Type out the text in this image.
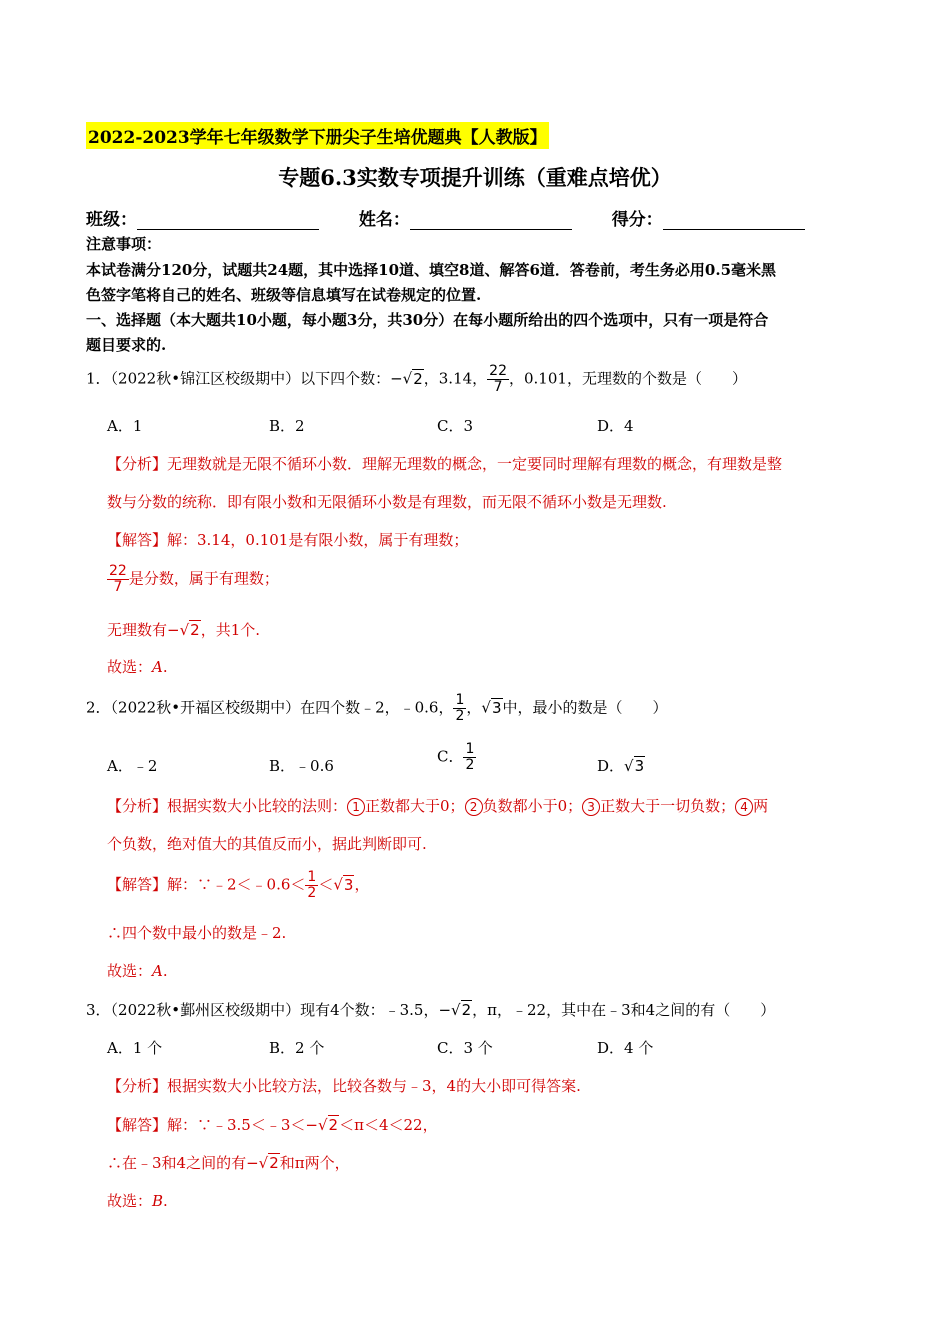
2022-2023学年七年级数学下册尖子生培优题典【人教版】
专题6.3实数专项提升训练（重难点培优）
班级：	姓名：	得分：
注意事项：
本试卷满分120分，试题共24题，其中选择10道、填空8道、解答6道．答卷前，考生务必用0.5毫米黑
色签字笔将自己的姓名、班级等信息填写在试卷规定的位置.
一、选择题（本大题共10小题，每小题3分，共30分）在每小题所给出的四个选项中，只有一项是符合
题目要求的.
1．（2022秋•锦江区校级期中）以下四个数：−√2，3.14， $\frac{22}{7}$ ，0.101，无理数的个数是（　　）
A．1	B．2	C．3	D．4
【分析】无理数就是无限不循环小数．理解无理数的概念，一定要同时理解有理数的概念，有理数是整
数与分数的统称．即有限小数和无限循环小数是有理数，而无限不循环小数是无理数.
【解答】解：3.14，0.101是有限小数，属于有理数；
$\frac{22}{7}$ 是分数，属于有理数；
无理数有−√2，共1个.
故选：A.
2．（2022秋•开福区校级期中）在四个数﹣2，﹣0.6， $\frac{1}{2}$ ，√3中，最小的数是（　　）
A．﹣2	B．﹣0.6
C． $\frac{1}{2}$	D．√3
【分析】根据实数大小比较的法则： 1 正数都大于0； 2 负数都小于0； 3 正数大于一切负数； 4 两
个负数，绝对值大的其值反而小，据此判断即可.
【解答】解：∵﹣2＜﹣0.6＜ $\frac{1}{2} <√3$，
∴四个数中最小的数是﹣2.
故选：A.
3．（2022秋•鄞州区校级期中）现有4个数：﹣3.5，−√2，π，﹣22，其中在﹣3和4之间的有（　　）
A．1 个	B．2 个	C．3 个	D．4 个
【分析】根据实数大小比较方法，比较各数与﹣3，4的大小即可得答案.
【解答】解：∵﹣3.5＜﹣3＜−√2＜π＜4＜22，
∴在﹣3和4之间的有−√2和π两个，
故选：B.
